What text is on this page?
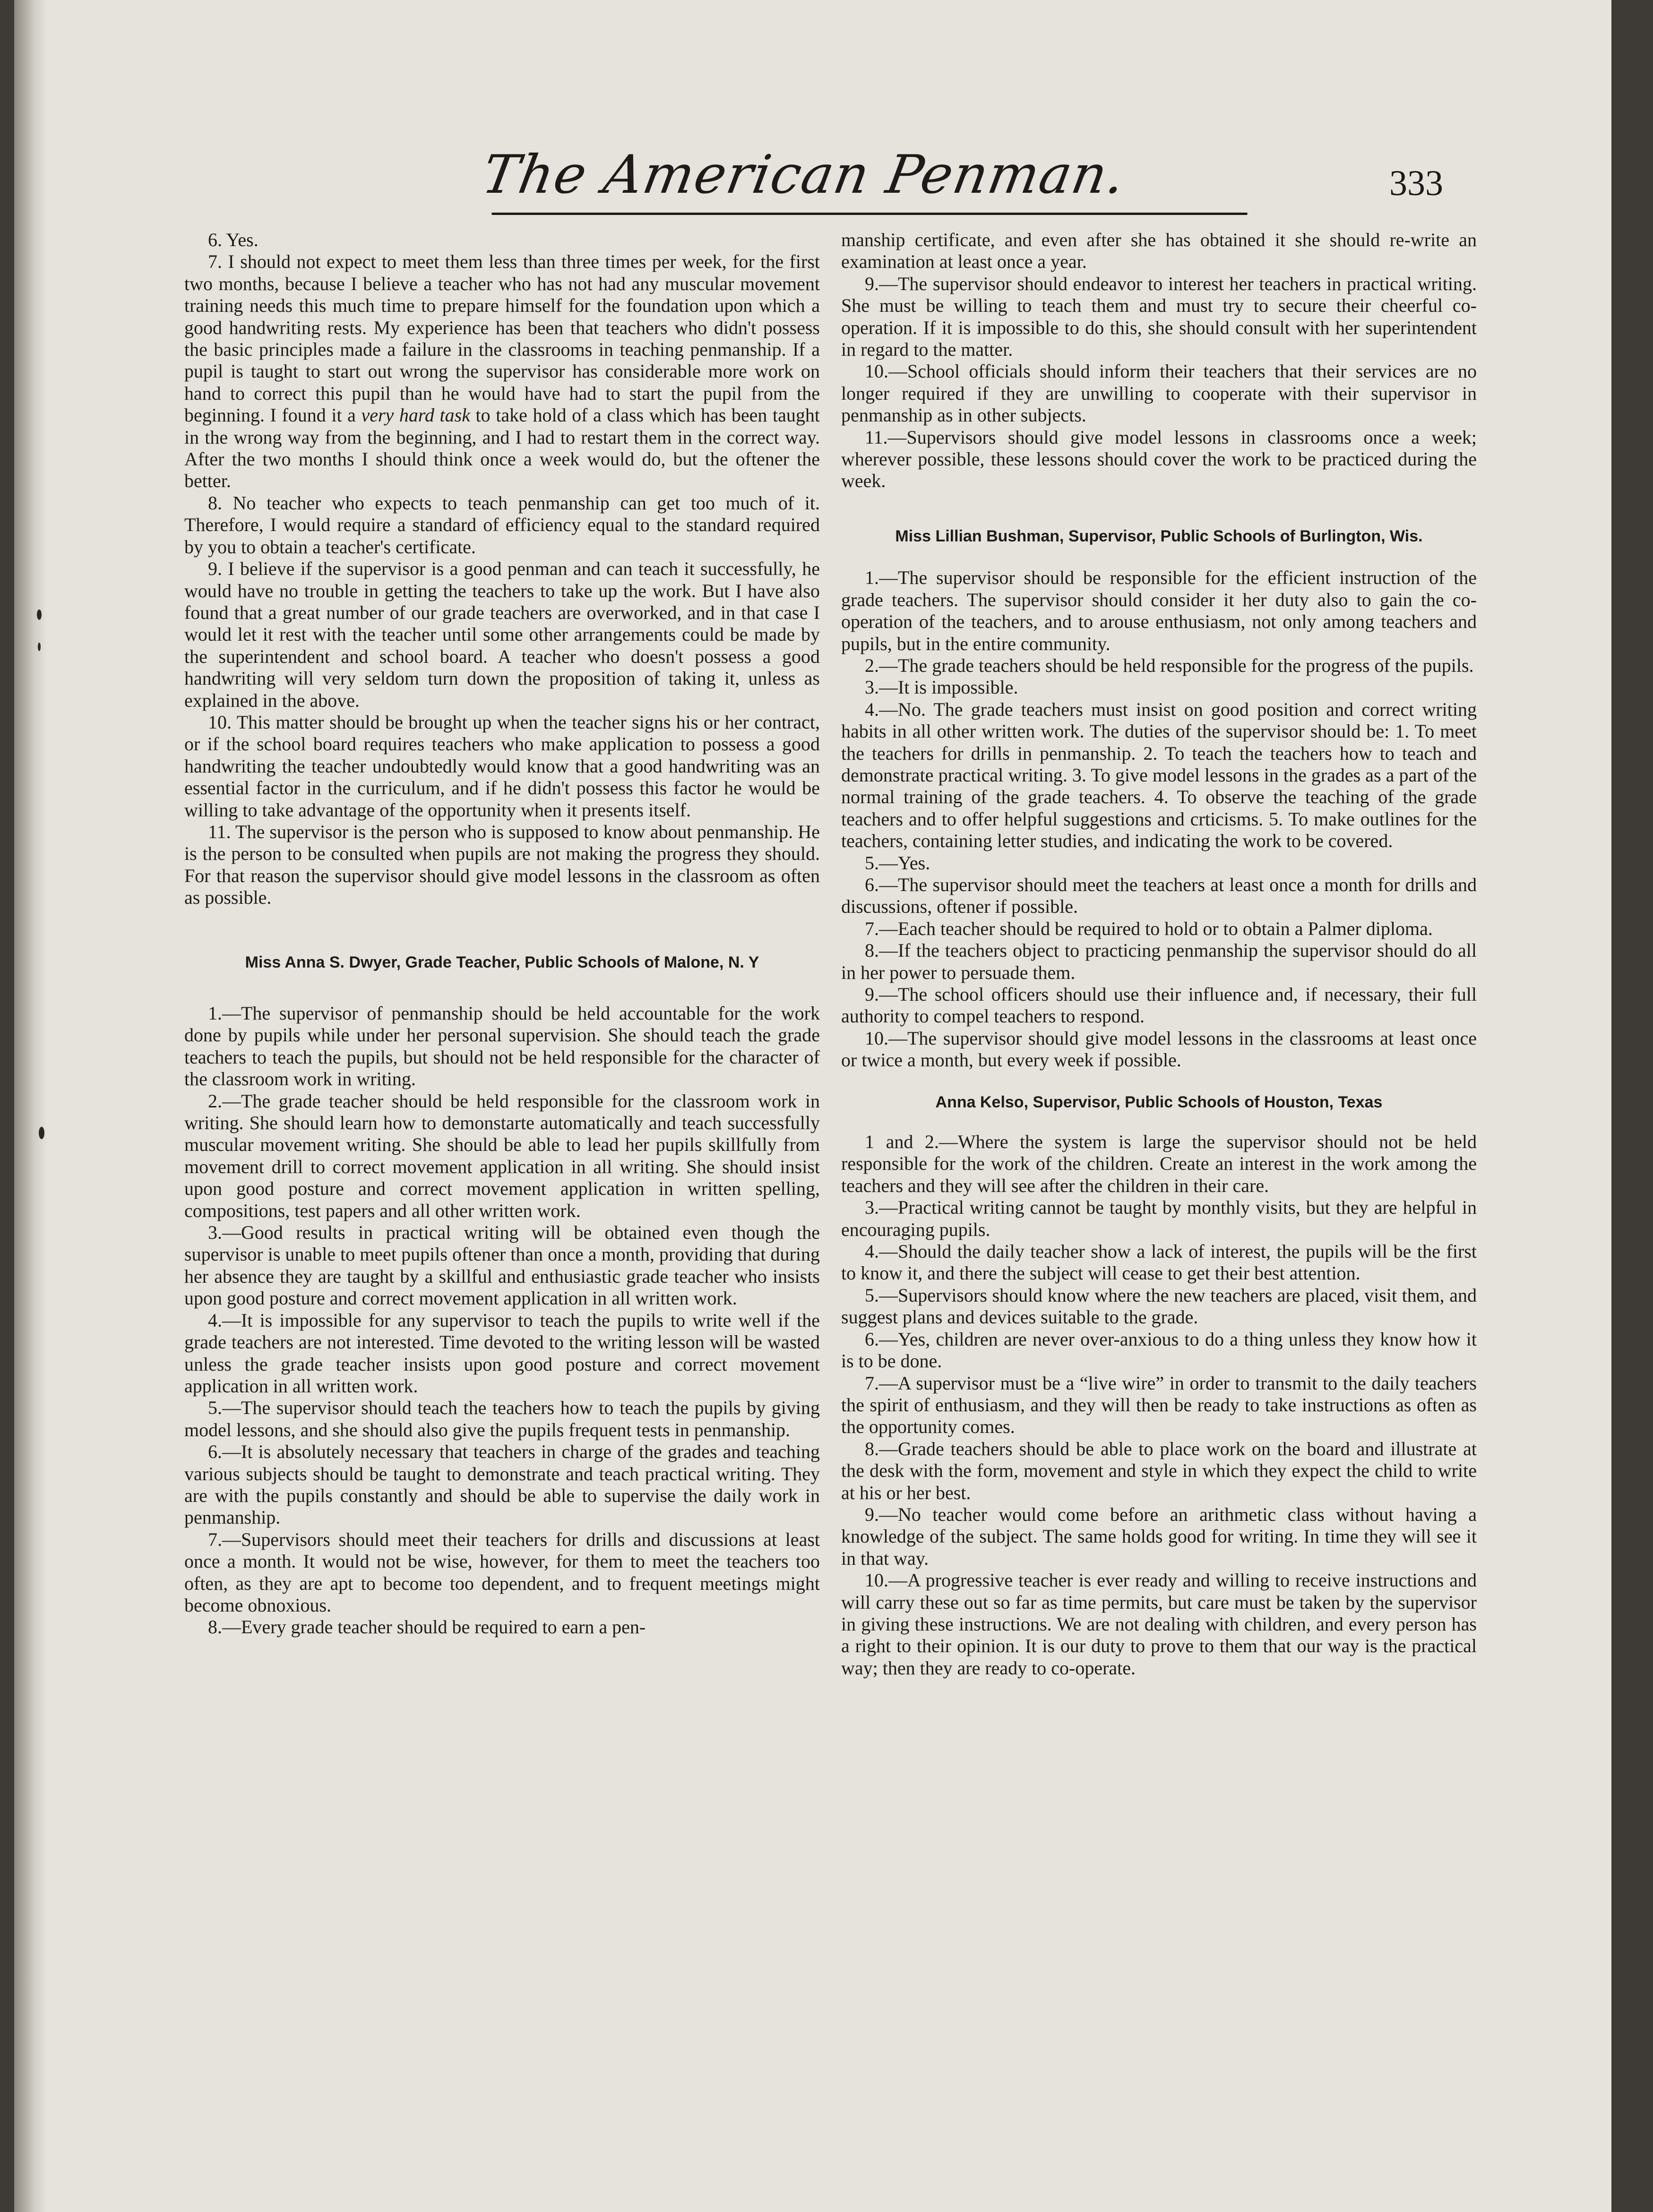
The American Penman.	333

6. Yes.

7. I should not expect to meet them less than three times per week, for the first two months, because I believe a teacher who has not had any muscular movement training needs this much time to prepare himself for the foundation upon which a good handwriting rests. My experience has been that teachers who didn't possess the basic principles made a failure in the classrooms in teaching penmanship. If a pupil is taught to start out wrong the supervisor has considerable more work on hand to correct this pupil than he would have had to start the pupil from the beginning. I found it a very hard task to take hold of a class which has been taught in the wrong way from the beginning, and I had to restart them in the correct way. After the two months I should think once a week would do, but the oftener the better.

8. No teacher who expects to teach penmanship can get too much of it. Therefore, I would require a standard of efficiency equal to the standard required by you to obtain a teacher's certificate.

9. I believe if the supervisor is a good penman and can teach it successfully, he would have no trouble in getting the teachers to take up the work. But I have also found that a great number of our grade teachers are overworked, and in that case I would let it rest with the teacher until some other arrangements could be made by the superintendent and school board. A teacher who doesn't possess a good handwriting will very seldom turn down the proposition of taking it, unless as explained in the above.

10. This matter should be brought up when the teacher signs his or her contract, or if the school board requires teachers who make application to possess a good handwriting the teacher undoubtedly would know that a good handwriting was an essential factor in the curriculum, and if he didn't possess this factor he would be willing to take advantage of the opportunity when it presents itself.

11. The supervisor is the person who is supposed to know about penmanship. He is the person to be consulted when pupils are not making the progress they should. For that reason the supervisor should give model lessons in the classroom as often as possible.

Miss Anna S. Dwyer, Grade Teacher, Public Schools of Malone, N. Y

1.—The supervisor of penmanship should be held accountable for the work done by pupils while under her personal supervision. She should teach the grade teachers to teach the pupils, but should not be held responsible for the character of the classroom work in writing.

2.—The grade teacher should be held responsible for the classroom work in writing. She should learn how to demonstarte automatically and teach successfully muscular movement writing. She should be able to lead her pupils skillfully from movement drill to correct movement application in all writing. She should insist upon good posture and correct movement application in written spelling, compositions, test papers and all other written work.

3.—Good results in practical writing will be obtained even though the supervisor is unable to meet pupils oftener than once a month, providing that during her absence they are taught by a skillful and enthusiastic grade teacher who insists upon good posture and correct movement application in all written work.

4.—It is impossible for any supervisor to teach the pupils to write well if the grade teachers are not interested. Time devoted to the writing lesson will be wasted unless the grade teacher insists upon good posture and correct movement application in all written work.

5.—The supervisor should teach the teachers how to teach the pupils by giving model lessons, and she should also give the pupils frequent tests in penmanship.

6.—It is absolutely necessary that teachers in charge of the grades and teaching various subjects should be taught to demonstrate and teach practical writing. They are with the pupils constantly and should be able to supervise the daily work in penmanship.

7.—Supervisors should meet their teachers for drills and discussions at least once a month. It would not be wise, however, for them to meet the teachers too often, as they are apt to become too dependent, and to frequent meetings might become obnoxious.

8.—Every grade teacher should be required to earn a pen-

manship certificate, and even after she has obtained it she should re-write an examination at least once a year.

9.—The supervisor should endeavor to interest her teachers in practical writing. She must be willing to teach them and must try to secure their cheerful co-operation. If it is impossible to do this, she should consult with her superintendent in regard to the matter.

10.—School officials should inform their teachers that their services are no longer required if they are unwilling to cooperate with their supervisor in penmanship as in other subjects.

11.—Supervisors should give model lessons in classrooms once a week; wherever possible, these lessons should cover the work to be practiced during the week.

Miss Lillian Bushman, Supervisor, Public Schools of Burlington, Wis.

1.—The supervisor should be responsible for the efficient instruction of the grade teachers. The supervisor should consider it her duty also to gain the co-operation of the teachers, and to arouse enthusiasm, not only among teachers and pupils, but in the entire community.

2.—The grade teachers should be held responsible for the progress of the pupils.

3.—It is impossible.

4.—No. The grade teachers must insist on good position and correct writing habits in all other written work. The duties of the supervisor should be: 1. To meet the teachers for drills in penmanship. 2. To teach the teachers how to teach and demonstrate practical writing. 3. To give model lessons in the grades as a part of the normal training of the grade teachers. 4. To observe the teaching of the grade teachers and to offer helpful suggestions and crticisms. 5. To make outlines for the teachers, containing letter studies, and indicating the work to be covered.

5.—Yes.

6.—The supervisor should meet the teachers at least once a month for drills and discussions, oftener if possible.

7.—Each teacher should be required to hold or to obtain a Palmer diploma.

8.—If the teachers object to practicing penmanship the supervisor should do all in her power to persuade them.

9.—The school officers should use their influence and, if necessary, their full authority to compel teachers to respond.

10.—The supervisor should give model lessons in the classrooms at least once or twice a month, but every week if possible.

Anna Kelso, Supervisor, Public Schools of Houston, Texas

1 and 2.—Where the system is large the supervisor should not be held responsible for the work of the children. Create an interest in the work among the teachers and they will see after the children in their care.

3.—Practical writing cannot be taught by monthly visits, but they are helpful in encouraging pupils.

4.—Should the daily teacher show a lack of interest, the pupils will be the first to know it, and there the subject will cease to get their best attention.

5.—Supervisors should know where the new teachers are placed, visit them, and suggest plans and devices suitable to the grade.

6.—Yes, children are never over-anxious to do a thing unless they know how it is to be done.

7.—A supervisor must be a “live wire” in order to transmit to the daily teachers the spirit of enthusiasm, and they will then be ready to take instructions as often as the opportunity comes.

8.—Grade teachers should be able to place work on the board and illustrate at the desk with the form, movement and style in which they expect the child to write at his or her best.

9.—No teacher would come before an arithmetic class without having a knowledge of the subject. The same holds good for writing. In time they will see it in that way.

10.—A progressive teacher is ever ready and willing to receive instructions and will carry these out so far as time permits, but care must be taken by the supervisor in giving these instructions. We are not dealing with children, and every person has a right to their opinion. It is our duty to prove to them that our way is the practical way; then they are ready to co-operate.
